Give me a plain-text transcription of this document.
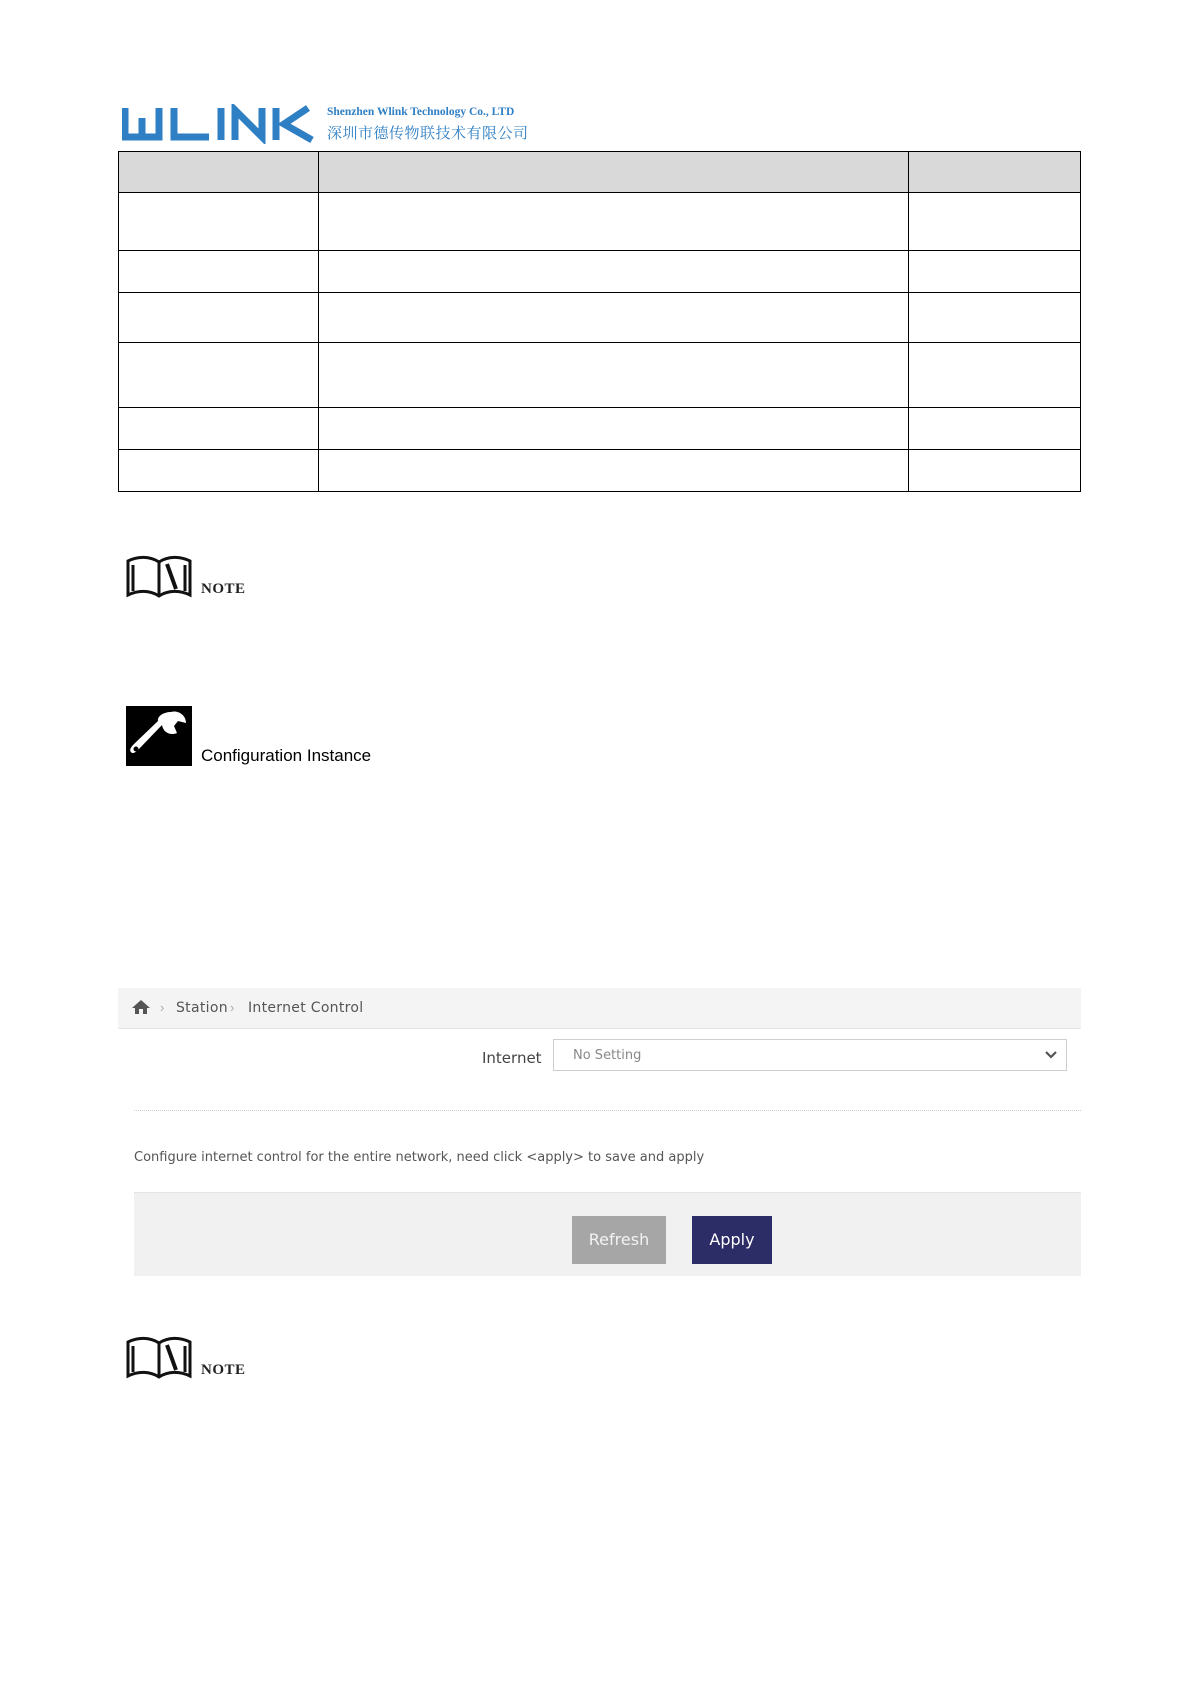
Shenzhen Wlink Technology Co., LTD
深圳市德传物联技术有限公司

NOTE
Configuration Instance
› Station › Internet Control
Internet No Setting
Configure internet control for the entire network, need click <apply> to save and apply
Refresh	Apply
NOTE
